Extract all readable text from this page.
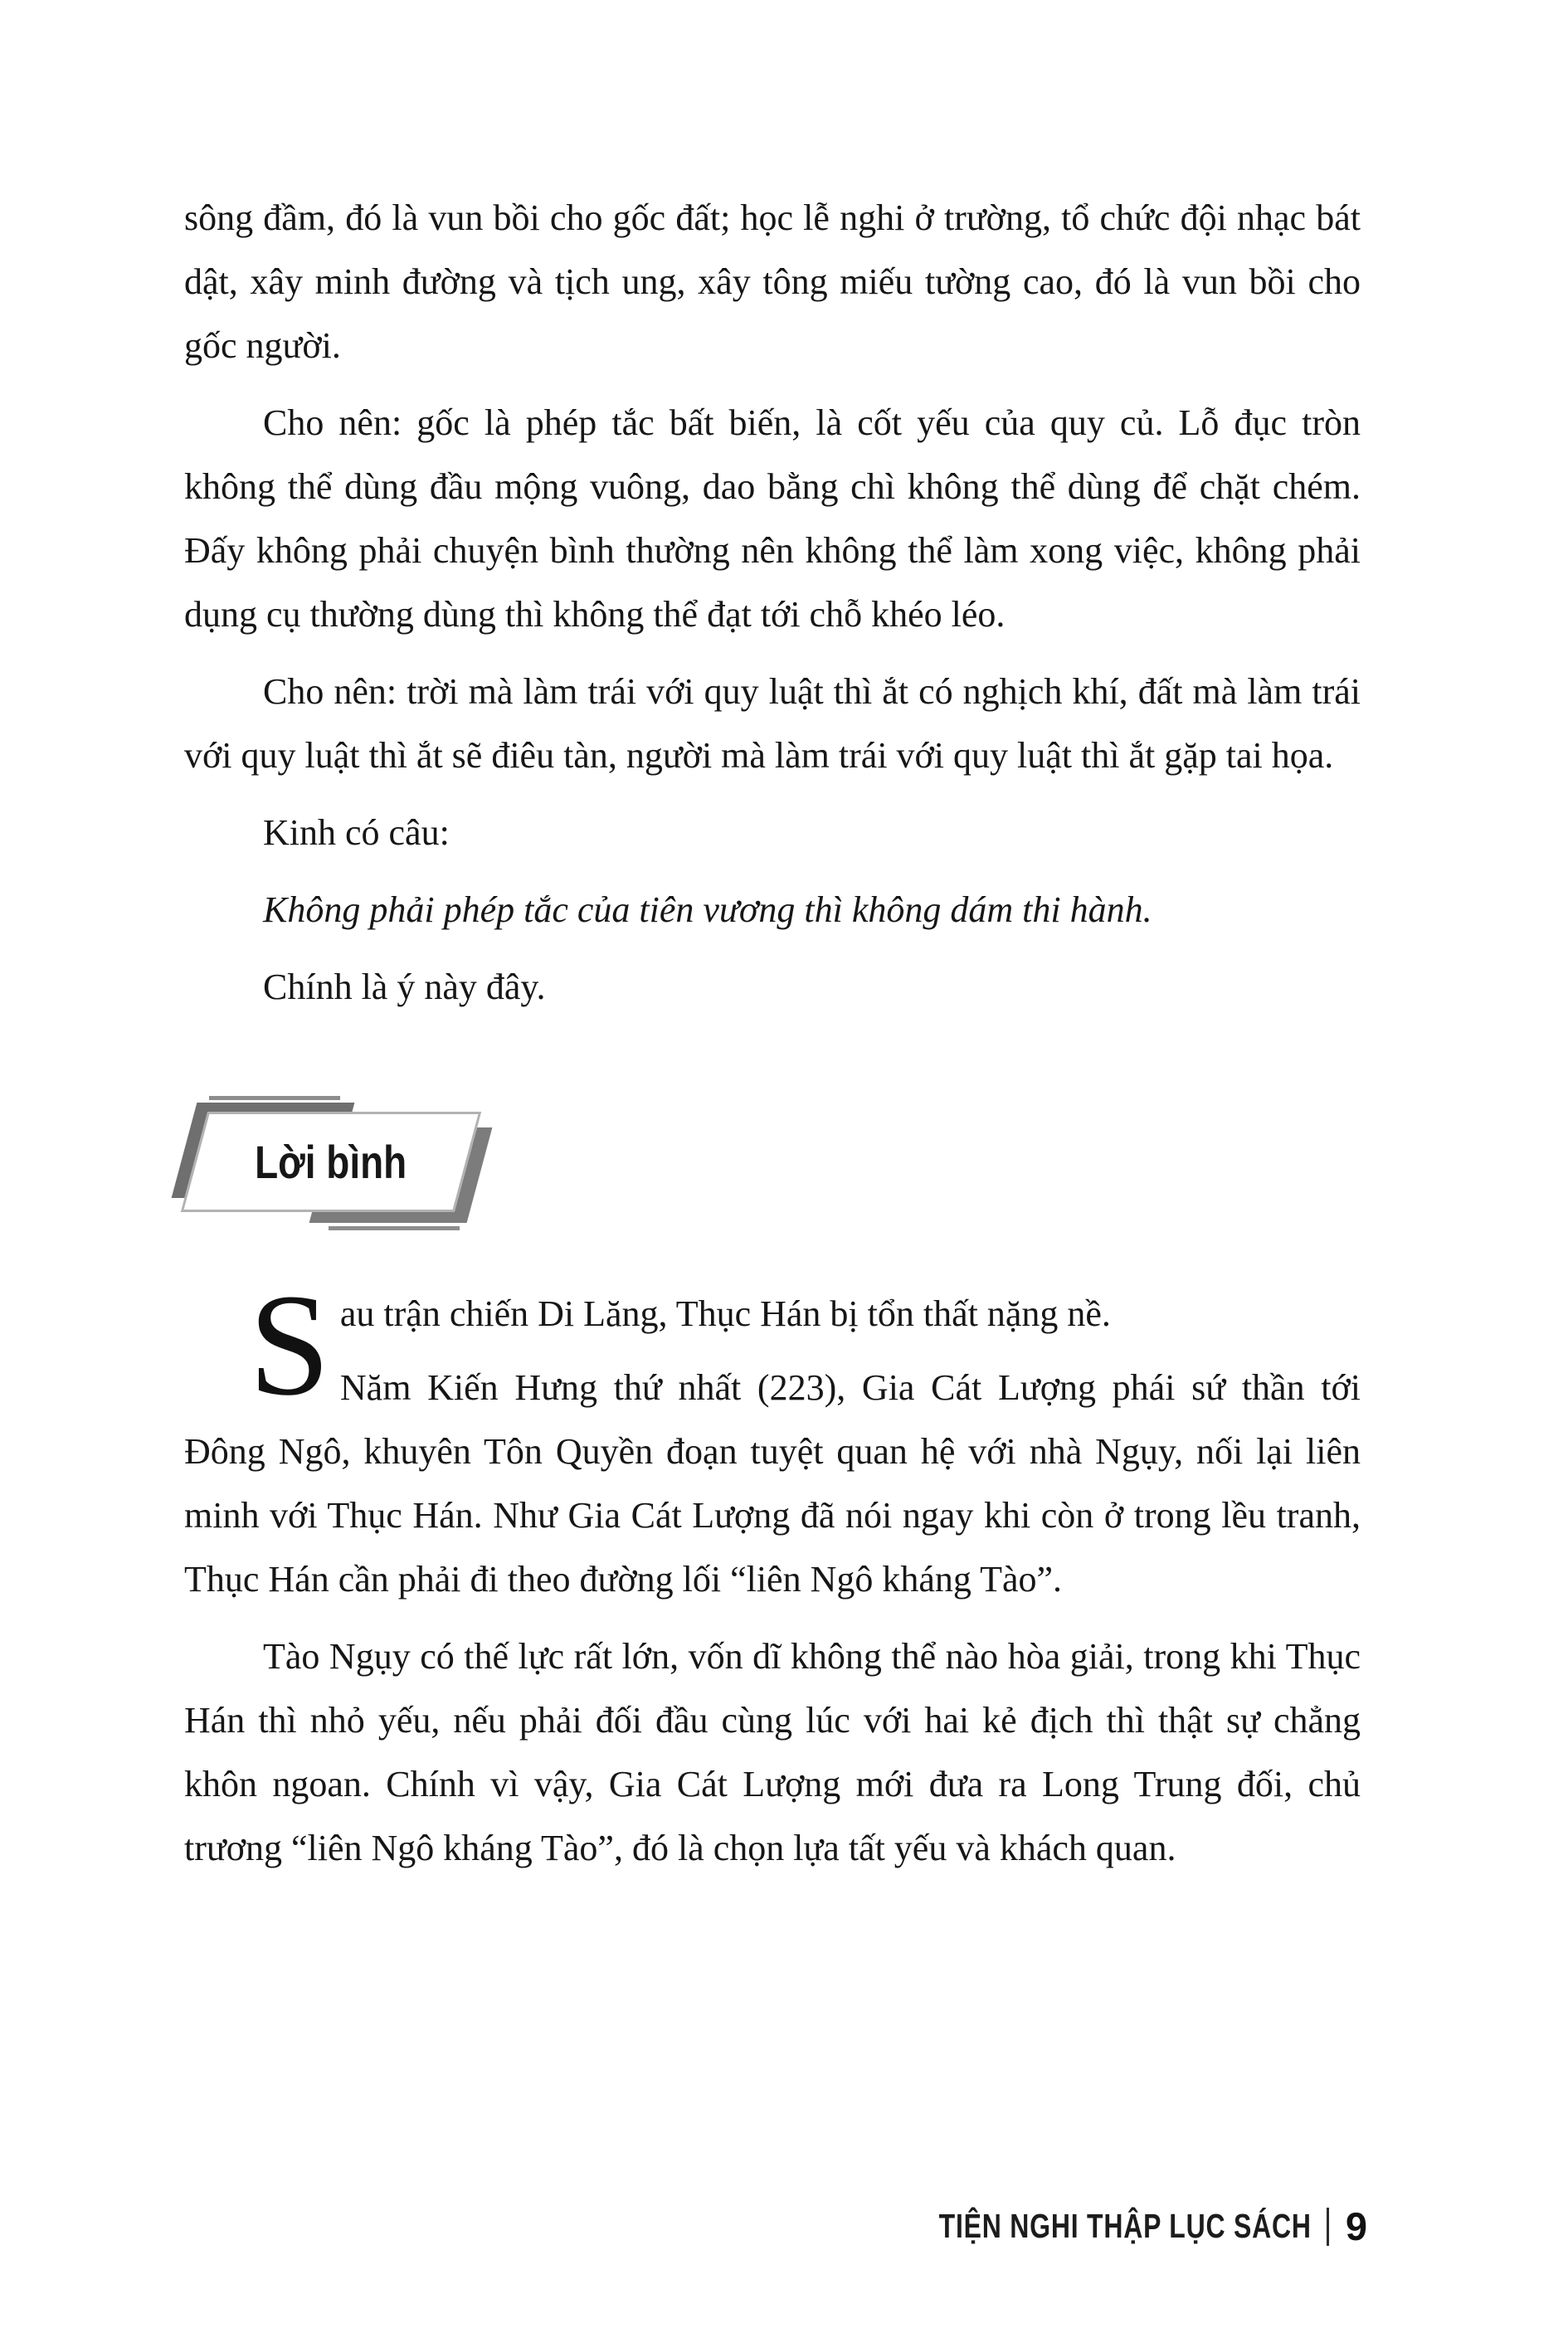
sông đầm, đó là vun bồi cho gốc đất; học lễ nghi ở trường, tổ chức đội nhạc bát dật, xây minh đường và tịch ung, xây tông miếu tường cao, đó là vun bồi cho gốc người.

Cho nên: gốc là phép tắc bất biến, là cốt yếu của quy củ. Lỗ đục tròn không thể dùng đầu mộng vuông, dao bằng chì không thể dùng để chặt chém. Đấy không phải chuyện bình thường nên không thể làm xong việc, không phải dụng cụ thường dùng thì không thể đạt tới chỗ khéo léo.

Cho nên: trời mà làm trái với quy luật thì ắt có nghịch khí, đất mà làm trái với quy luật thì ắt sẽ điêu tàn, người mà làm trái với quy luật thì ắt gặp tai họa.

Kinh có câu:

Không phải phép tắc của tiên vương thì không dám thi hành.

Chính là ý này đây.

Lời bình
S au trận chiến Di Lăng, Thục Hán bị tổn thất nặng nề.

Năm Kiến Hưng thứ nhất (223), Gia Cát Lượng phái sứ thần tới Đông Ngô, khuyên Tôn Quyền đoạn tuyệt quan hệ với nhà Ngụy, nối lại liên minh với Thục Hán. Như Gia Cát Lượng đã nói ngay khi còn ở trong lều tranh, Thục Hán cần phải đi theo đường lối “liên Ngô kháng Tào”.

Tào Ngụy có thế lực rất lớn, vốn dĩ không thể nào hòa giải, trong khi Thục Hán thì nhỏ yếu, nếu phải đối đầu cùng lúc với hai kẻ địch thì thật sự chẳng khôn ngoan. Chính vì vậy, Gia Cát Lượng mới đưa ra Long Trung đối, chủ trương “liên Ngô kháng Tào”, đó là chọn lựa tất yếu và khách quan.

TIỆN NGHI THẬP LỤC SÁCH 9
